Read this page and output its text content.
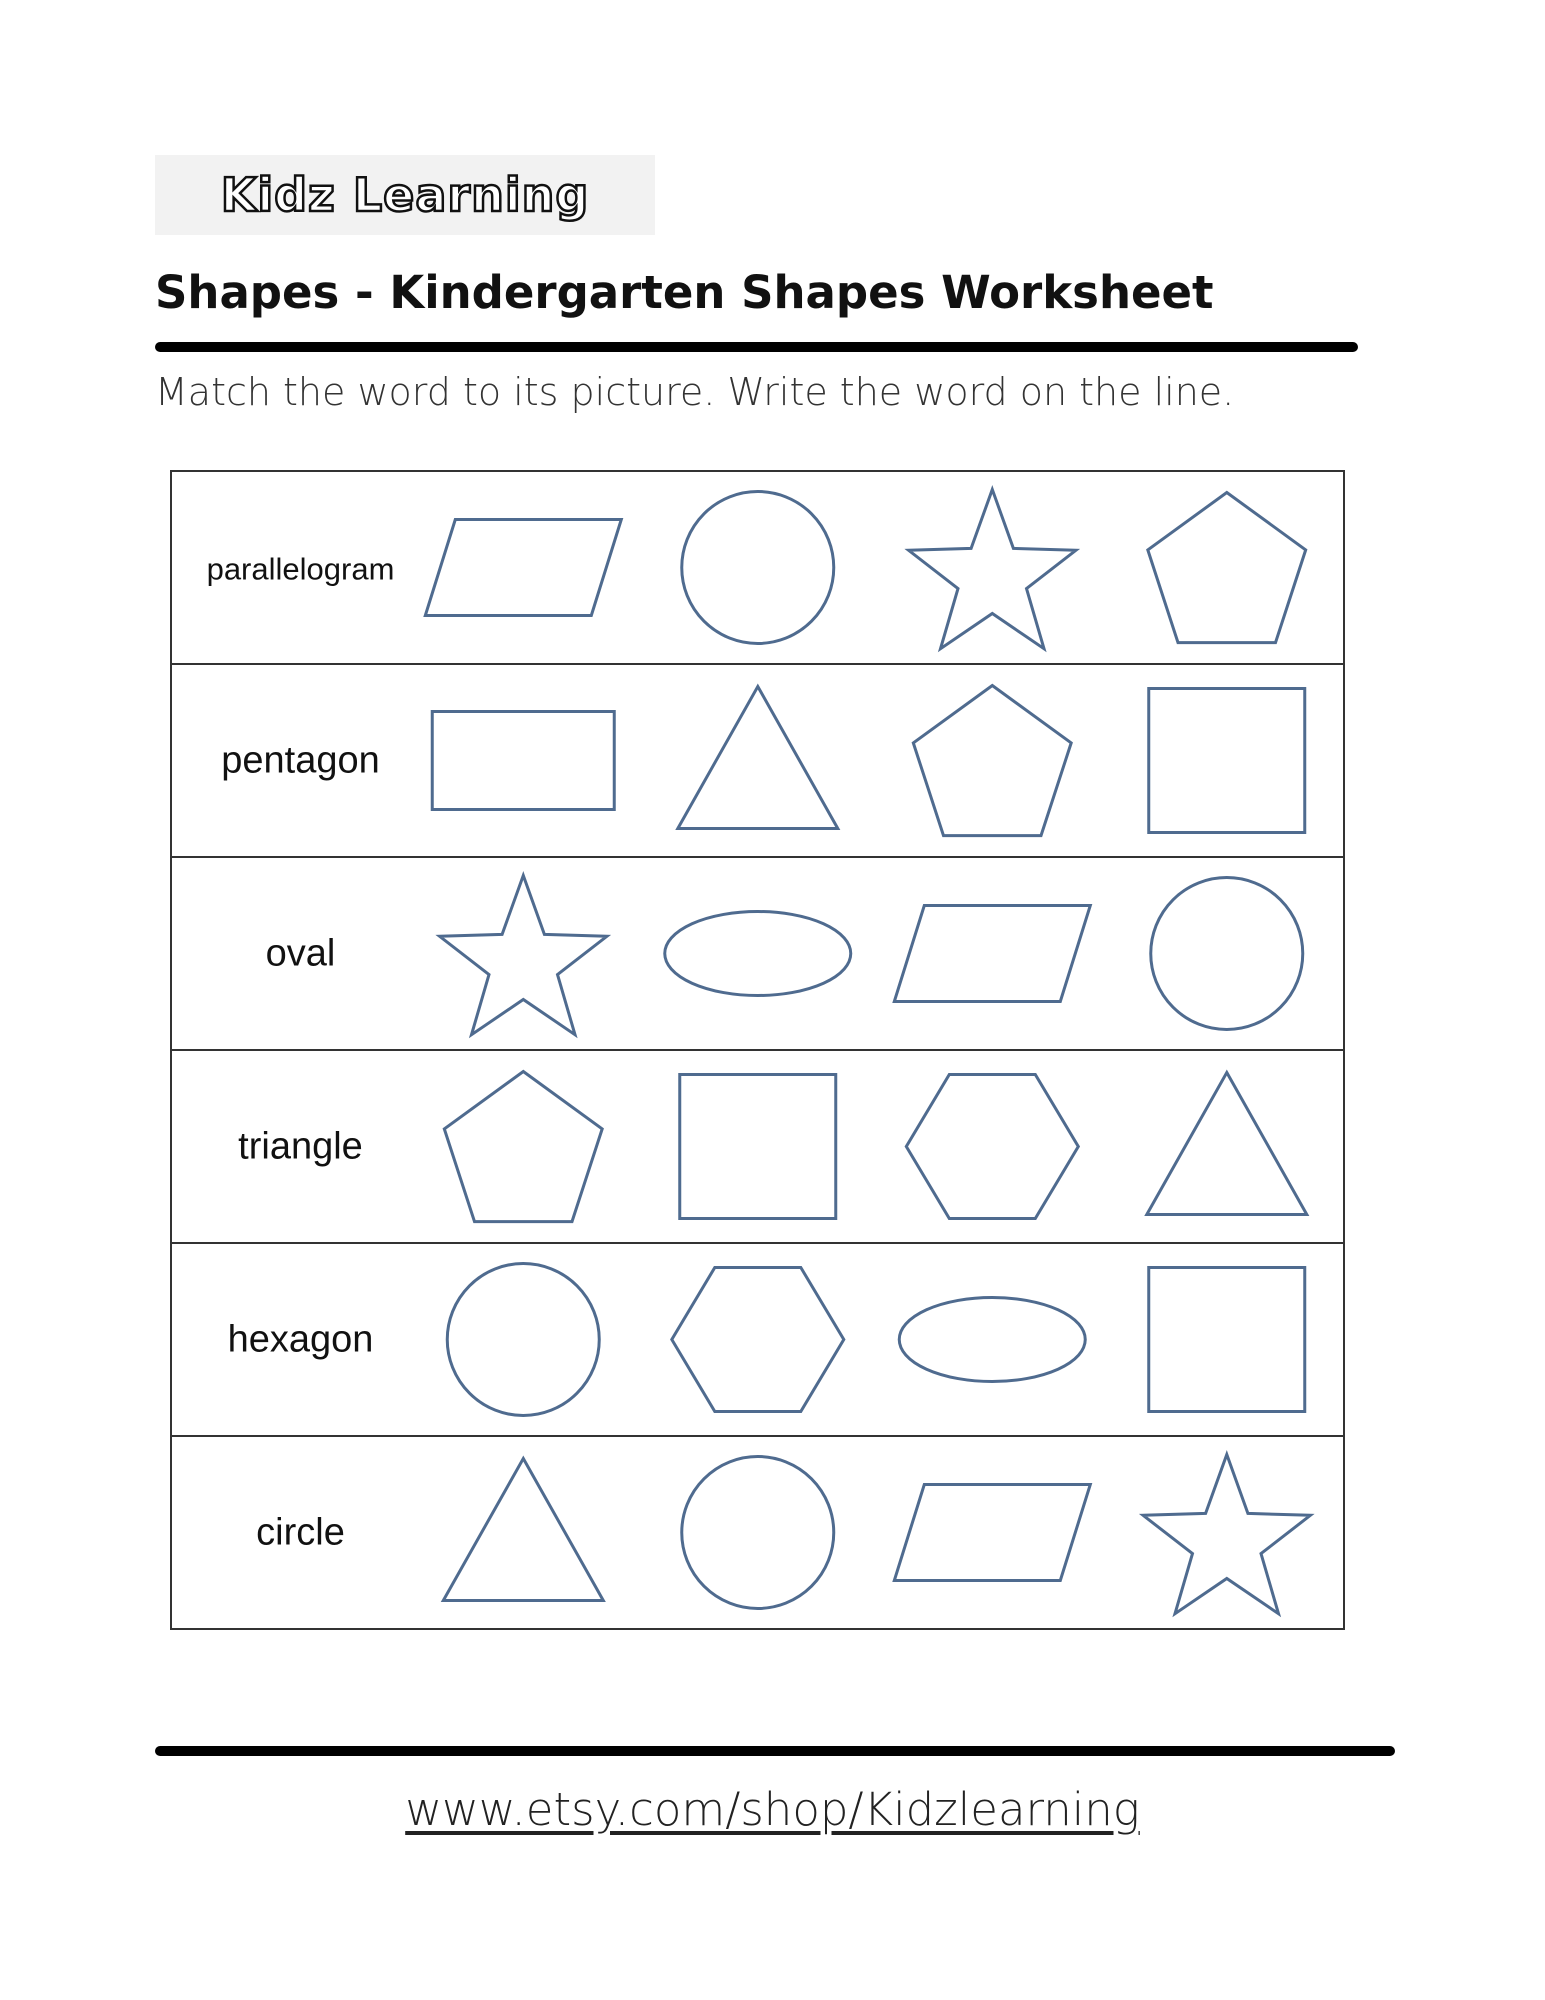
Kidz Learning
Shapes - Kindergarten Shapes Worksheet
Match the word to its picture. Write the word on the line.
parallelogram
pentagon
oval
triangle
hexagon
circle
www.etsy.com/shop/Kidzlearning
